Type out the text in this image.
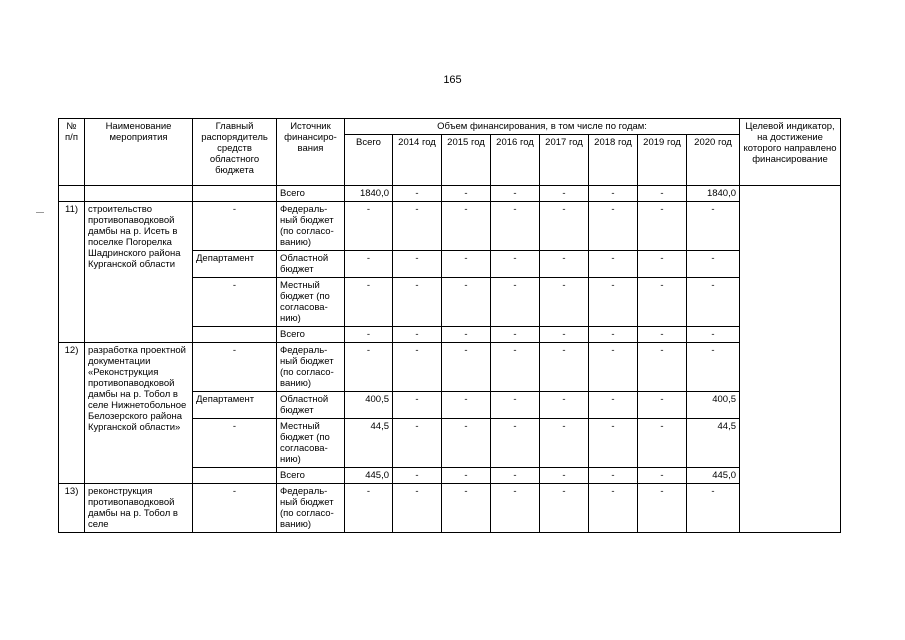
165
№ п/п	Наименование мероприятия	Главный распорядитель средств областного бюджета	Источник финансиро-вания	Объем финансирования, в том числе по годам:								Целевой индикатор, на достижение которого направлено финансирование
				Всего	2014 год	2015 год	2016 год	2017 год	2018 год	2019 год	2020 год	
			Всего	1840,0	-	-	-	-	-	-	1840,0	
11)	строительство противопаводковой дамбы на р. Исеть в поселке Погорелка Шадринского района Курганской области	-	Федераль-ный бюджет (по согласо-ванию)	-	-	-	-	-	-	-	-	
		Департамент	Областной бюджет	-	-	-	-	-	-	-	-	
		-	Местный бюджет (по согласова-нию)	-	-	-	-	-	-	-	-	
			Всего	-	-	-	-	-	-	-	-	
12)	разработка проектной документации «Реконструкция противопаводковой дамбы на р. Тобол в селе Нижнетобольное Белозерского района Курганской области»	-	Федераль-ный бюджет (по согласо-ванию)	-	-	-	-	-	-	-	-	
		Департамент	Областной бюджет	400,5	-	-	-	-	-	-	400,5	
		-	Местный бюджет (по согласова-нию)	44,5	-	-	-	-	-	-	44,5	
			Всего	445,0	-	-	-	-	-	-	445,0	
13)	реконструкция противопаводковой дамбы на р. Тобол в селе	-	Федераль-ный бюджет (по согласо-ванию)	-	-	-	-	-	-	-	-	
